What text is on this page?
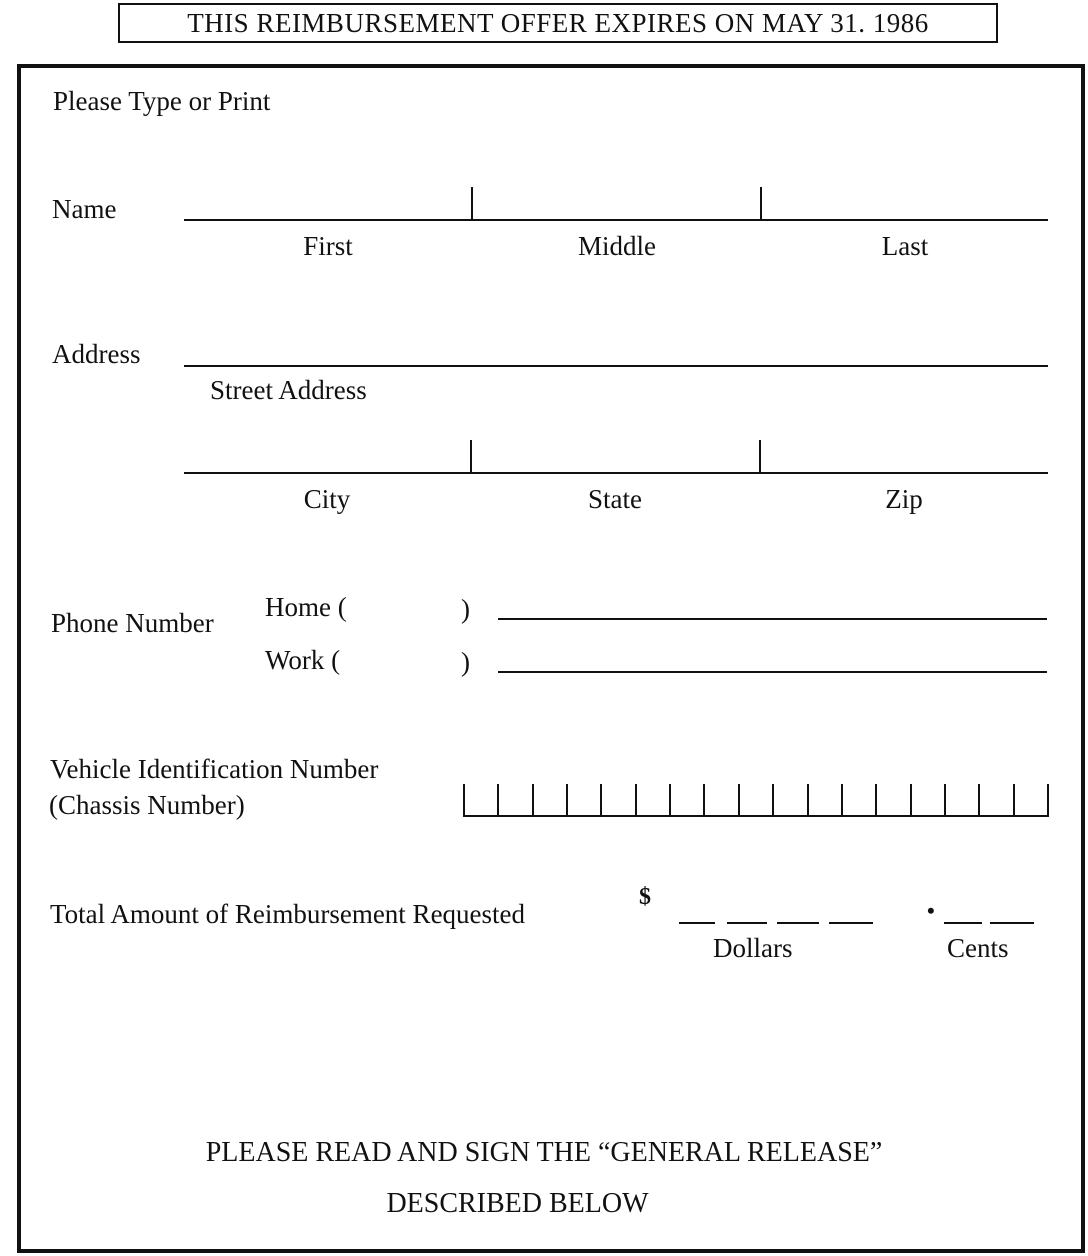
THIS REIMBURSEMENT OFFER EXPIRES ON MAY 31. 1986
Please Type or Print
Name
First	Middle	Last
Address
Street Address
City	State	Zip
Phone Number
Home (	)
Work (	)
Vehicle Identification Number
(Chassis Number)
Total Amount of Reimbursement Requested
$
•
Dollars	Cents
PLEASE READ AND SIGN THE “GENERAL RELEASE”
DESCRIBED BELOW
